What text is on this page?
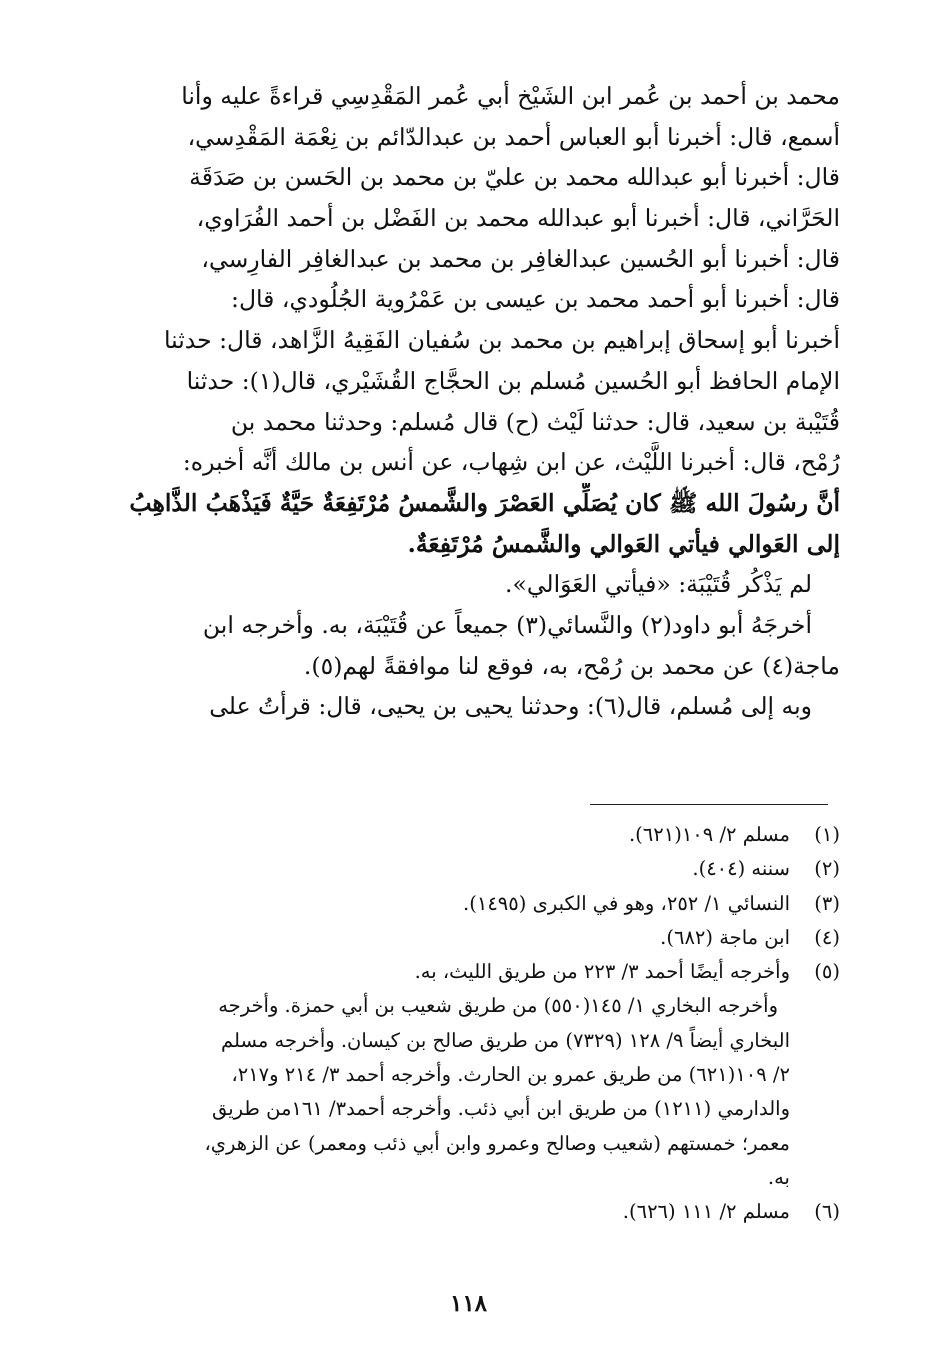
محمد بن أحمد بن عُمر ابن الشَيْخ أبي عُمر المَقْدِسِي قراءةً عليه وأنا
أسمع، قال: أخبرنا أبو العباس أحمد بن عبدالدّائم بن نِعْمَة المَقْدِسي،
قال: أخبرنا أبو عبدالله محمد بن عليّ بن محمد بن الحَسن بن صَدَقَة
الحَرَّاني، قال: أخبرنا أبو عبدالله محمد بن الفَضْل بن أحمد الفُرَاوي،
قال: أخبرنا أبو الحُسين عبدالغافِر بن محمد بن عبدالغافِر الفارِسي،
قال: أخبرنا أبو أحمد محمد بن عيسى بن عَمْرُوية الجُلُودي، قال:
أخبرنا أبو إسحاق إبراهيم بن محمد بن سُفيان الفَقِيهُ الزَّاهد، قال: حدثنا
الإمام الحافظ أبو الحُسين مُسلم بن الحجَّاج القُشَيْري، قال(١): حدثنا
قُتَيْبة بن سعيد، قال: حدثنا لَيْث (ح) قال مُسلم: وحدثنا محمد بن
رُمْح، قال: أخبرنا اللَّيْث، عن ابن شِهاب، عن أنس بن مالك أنَّه أخبره:
أنَّ رسُولَ الله ﷺ كان يُصَلِّي العَصْرَ والشَّمسُ مُرْتَفِعَةٌ حَيَّةٌ فَيَذْهَبُ الذَّاهِبُ
إلى العَوالي فيأتي العَوالي والشَّمسُ مُرْتَفِعَةٌ.
لم يَذْكُر قُتَيْبَة: «فيأتي العَوَالي».
أخرجَهُ أبو داود(٢) والنَّسائي(٣) جميعاً عن قُتَيْبَة، به. وأخرجه ابن
ماجة(٤) عن محمد بن رُمْح، به، فوقع لنا موافقةً لهم(٥).
وبه إلى مُسلم، قال(٦): وحدثنا يحيى بن يحيى، قال: قرأتُ على
(١)
مسلم ٢/ ١٠٩(٦٢١).
(٢)
سننه (٤٠٤).
(٣)
النسائي ١/ ٢٥٢، وهو في الكبرى (١٤٩٥).
(٤)
ابن ماجة (٦٨٢).
(٥)
وأخرجه أيضًا أحمد ٣/ ٢٢٣ من طريق الليث، به.
وأخرجه البخاري ١/ ١٤٥(٥٥٠) من طريق شعيب بن أبي حمزة. وأخرجه
البخاري أيضاً ٩/ ١٢٨ (٧٣٢٩) من طريق صالح بن كيسان. وأخرجه مسلم
٢/ ١٠٩(٦٢١) من طريق عمرو بن الحارث. وأخرجه أحمد ٣/ ٢١٤ و٢١٧،
والدارمي (١٢١١) من طريق ابن أبي ذئب. وأخرجه أحمد٣/ ١٦١من طريق
معمر؛ خمستهم (شعيب وصالح وعمرو وابن أبي ذئب ومعمر) عن الزهري،
به.
(٦)
مسلم ٢/ ١١١ (٦٢٦).
١١٨
